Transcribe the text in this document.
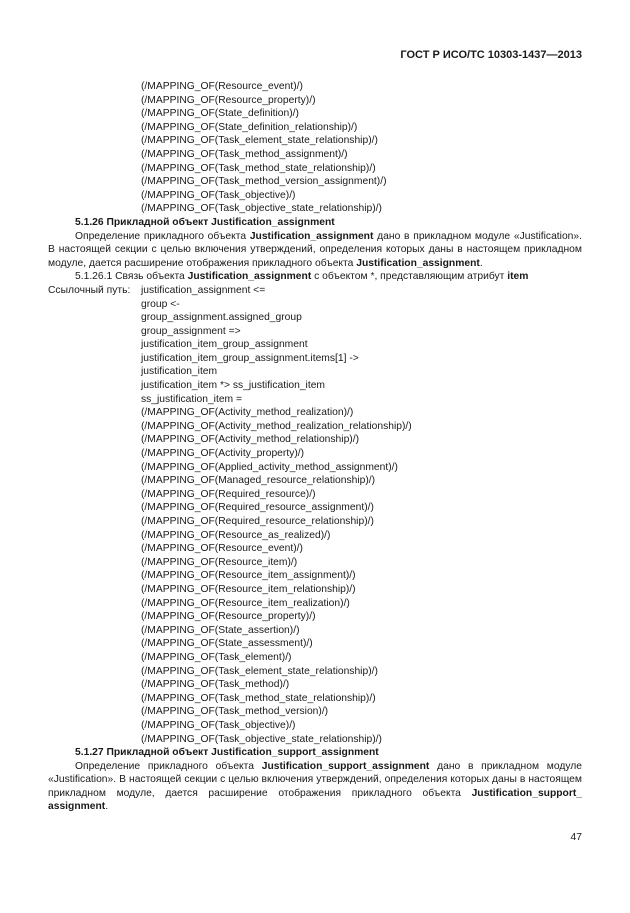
ГОСТ Р ИСО/ТС 10303-1437—2013
(/MAPPING_OF(Resource_event)/)
(/MAPPING_OF(Resource_property)/)
(/MAPPING_OF(State_definition)/)
(/MAPPING_OF(State_definition_relationship)/)
(/MAPPING_OF(Task_element_state_relationship)/)
(/MAPPING_OF(Task_method_assignment)/)
(/MAPPING_OF(Task_method_state_relationship)/)
(/MAPPING_OF(Task_method_version_assignment)/)
(/MAPPING_OF(Task_objective)/)
(/MAPPING_OF(Task_objective_state_relationship)/)
5.1.26 Прикладной объект Justification_assignment
Определение прикладного объекта Justification_assignment дано в прикладном модуле «Justification». В настоящей секции с целью включения утверждений, определения которых даны в настоящем прикладном модуле, дается расширение отображения прикладного объекта Justification_assignment.
5.1.26.1 Связь объекта Justification_assignment с объектом *, представляющим атрибут item
Ссылочный путь:	justification_assignment <=
group <-
group_assignment.assigned_group
group_assignment =>
justification_item_group_assignment
justification_item_group_assignment.items[1] ->
justification_item
justification_item *> ss_justification_item
ss_justification_item =
(/MAPPING_OF(Activity_method_realization)/)
(/MAPPING_OF(Activity_method_realization_relationship)/)
(/MAPPING_OF(Activity_method_relationship)/)
(/MAPPING_OF(Activity_property)/)
(/MAPPING_OF(Applied_activity_method_assignment)/)
(/MAPPING_OF(Managed_resource_relationship)/)
(/MAPPING_OF(Required_resource)/)
(/MAPPING_OF(Required_resource_assignment)/)
(/MAPPING_OF(Required_resource_relationship)/)
(/MAPPING_OF(Resource_as_realized)/)
(/MAPPING_OF(Resource_event)/)
(/MAPPING_OF(Resource_item)/)
(/MAPPING_OF(Resource_item_assignment)/)
(/MAPPING_OF(Resource_item_relationship)/)
(/MAPPING_OF(Resource_item_realization)/)
(/MAPPING_OF(Resource_property)/)
(/MAPPING_OF(State_assertion)/)
(/MAPPING_OF(State_assessment)/)
(/MAPPING_OF(Task_element)/)
(/MAPPING_OF(Task_element_state_relationship)/)
(/MAPPING_OF(Task_method)/)
(/MAPPING_OF(Task_method_state_relationship)/)
(/MAPPING_OF(Task_method_version)/)
(/MAPPING_OF(Task_objective)/)
(/MAPPING_OF(Task_objective_state_relationship)/)
5.1.27 Прикладной объект Justification_support_assignment
Определение прикладного объекта Justification_support_assignment дано в прикладном модуле «Justification». В настоящей секции с целью включения утверждений, определения которых даны в настоящем прикладном модуле, дается расширение отображения прикладного объекта Justification_support_ assignment.
47
